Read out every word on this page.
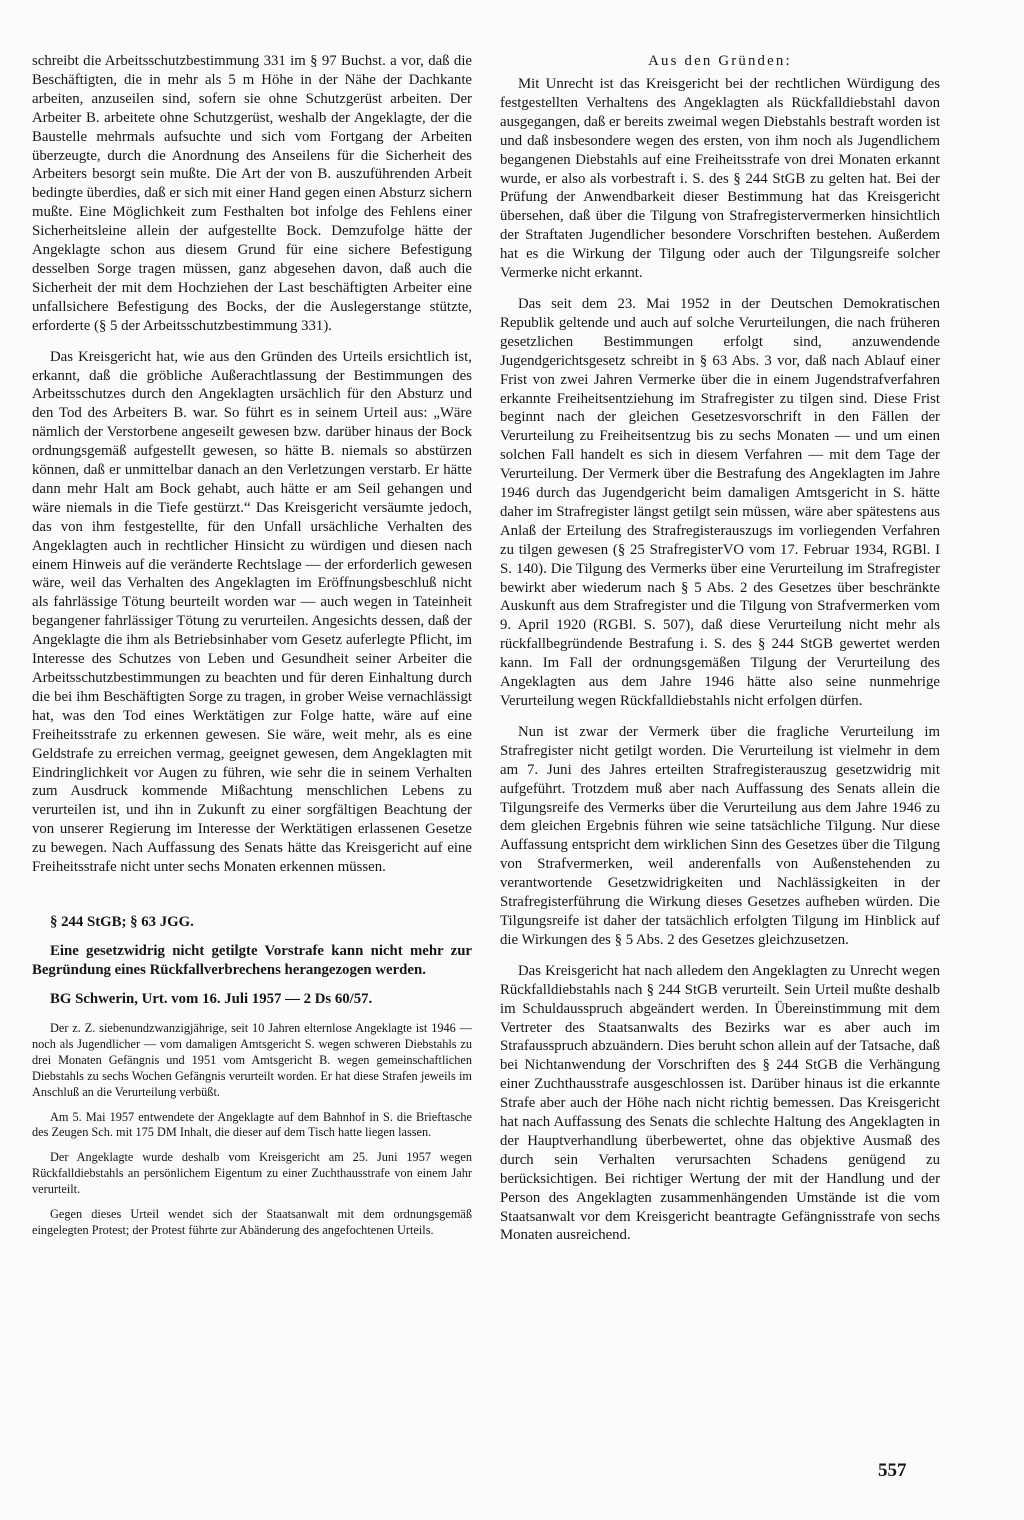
schreibt die Arbeitsschutzbestimmung 331 im § 97 Buchst. a vor, daß die Beschäftigten, die in mehr als 5 m Höhe in der Nähe der Dachkante arbeiten, anzuseilen sind, sofern sie ohne Schutzgerüst arbeiten. Der Arbeiter B. arbeitete ohne Schutzgerüst, weshalb der Angeklagte, der die Baustelle mehrmals aufsuchte und sich vom Fortgang der Arbeiten überzeugte, durch die Anordnung des Anseilens für die Sicherheit des Arbeiters besorgt sein mußte. Die Art der von B. auszuführenden Arbeit bedingte überdies, daß er sich mit einer Hand gegen einen Absturz sichern mußte. Eine Möglichkeit zum Festhalten bot infolge des Fehlens einer Sicherheitsleine allein der aufgestellte Bock. Demzufolge hätte der Angeklagte schon aus diesem Grund für eine sichere Befestigung desselben Sorge tragen müssen, ganz abgesehen davon, daß auch die Sicherheit der mit dem Hochziehen der Last beschäftigten Arbeiter eine unfallsichere Befestigung des Bocks, der die Auslegerstange stützte, erforderte (§ 5 der Arbeitsschutzbestimmung 331).

Das Kreisgericht hat, wie aus den Gründen des Urteils ersichtlich ist, erkannt, daß die gröbliche Außerachtlassung der Bestimmungen des Arbeitsschutzes durch den Angeklagten ursächlich für den Absturz und den Tod des Arbeiters B. war. So führt es in seinem Urteil aus: „Wäre nämlich der Verstorbene angeseilt gewesen bzw. darüber hinaus der Bock ordnungsgemäß aufgestellt gewesen, so hätte B. niemals so abstürzen können, daß er unmittelbar danach an den Verletzungen verstarb. Er hätte dann mehr Halt am Bock gehabt, auch hätte er am Seil gehangen und wäre niemals in die Tiefe gestürzt.“ Das Kreisgericht versäumte jedoch, das von ihm festgestellte, für den Unfall ursächliche Verhalten des Angeklagten auch in rechtlicher Hinsicht zu würdigen und diesen nach einem Hinweis auf die veränderte Rechtslage — der erforderlich gewesen wäre, weil das Verhalten des Angeklagten im Eröffnungsbeschluß nicht als fahrlässige Tötung beurteilt worden war — auch wegen in Tateinheit begangener fahrlässiger Tötung zu verurteilen. Angesichts dessen, daß der Angeklagte die ihm als Betriebsinhaber vom Gesetz auferlegte Pflicht, im Interesse des Schutzes von Leben und Gesundheit seiner Arbeiter die Arbeitsschutzbestimmungen zu beachten und für deren Einhaltung durch die bei ihm Beschäftigten Sorge zu tragen, in grober Weise vernachlässigt hat, was den Tod eines Werktätigen zur Folge hatte, wäre auf eine Freiheitsstrafe zu erkennen gewesen. Sie wäre, weit mehr, als es eine Geldstrafe zu erreichen vermag, geeignet gewesen, dem Angeklagten mit Eindringlichkeit vor Augen zu führen, wie sehr die in seinem Verhalten zum Ausdruck kommende Mißachtung menschlichen Lebens zu verurteilen ist, und ihn in Zukunft zu einer sorgfältigen Beachtung der von unserer Regierung im Interesse der Werktätigen erlassenen Gesetze zu bewegen. Nach Auffassung des Senats hätte das Kreisgericht auf eine Freiheitsstrafe nicht unter sechs Monaten erkennen müssen.

§ 244 StGB; § 63 JGG.

Eine gesetzwidrig nicht getilgte Vorstrafe kann nicht mehr zur Begründung eines Rückfallverbrechens herangezogen werden.

BG Schwerin, Urt. vom 16. Juli 1957 — 2 Ds 60/57.

Der z. Z. siebenundzwanzigjährige, seit 10 Jahren elternlose Angeklagte ist 1946 — noch als Jugendlicher — vom damaligen Amtsgericht S. wegen schweren Diebstahls zu drei Monaten Gefängnis und 1951 vom Amtsgericht B. wegen gemeinschaftlichen Diebstahls zu sechs Wochen Gefängnis verurteilt worden. Er hat diese Strafen jeweils im Anschluß an die Verurteilung verbüßt.

Am 5. Mai 1957 entwendete der Angeklagte auf dem Bahnhof in S. die Brieftasche des Zeugen Sch. mit 175 DM Inhalt, die dieser auf dem Tisch hatte liegen lassen.

Der Angeklagte wurde deshalb vom Kreisgericht am 25. Juni 1957 wegen Rückfalldiebstahls an persönlichem Eigentum zu einer Zuchthausstrafe von einem Jahr verurteilt.

Gegen dieses Urteil wendet sich der Staatsanwalt mit dem ordnungsgemäß eingelegten Protest; der Protest führte zur Abänderung des angefochtenen Urteils.

Aus den Gründen:

Mit Unrecht ist das Kreisgericht bei der rechtlichen Würdigung des festgestellten Verhaltens des Angeklagten als Rückfalldiebstahl davon ausgegangen, daß er bereits zweimal wegen Diebstahls bestraft worden ist und daß insbesondere wegen des ersten, von ihm noch als Jugendlichem begangenen Diebstahls auf eine Freiheitsstrafe von drei Monaten erkannt wurde, er also als vorbestraft i. S. des § 244 StGB zu gelten hat. Bei der Prüfung der Anwendbarkeit dieser Bestimmung hat das Kreisgericht übersehen, daß über die Tilgung von Strafregistervermerken hinsichtlich der Straftaten Jugendlicher besondere Vorschriften bestehen. Außerdem hat es die Wirkung der Tilgung oder auch der Tilgungsreife solcher Vermerke nicht erkannt.

Das seit dem 23. Mai 1952 in der Deutschen Demokratischen Republik geltende und auch auf solche Verurteilungen, die nach früheren gesetzlichen Bestimmungen erfolgt sind, anzuwendende Jugendgerichtsgesetz schreibt in § 63 Abs. 3 vor, daß nach Ablauf einer Frist von zwei Jahren Vermerke über die in einem Jugendstrafverfahren erkannte Freiheitsentziehung im Strafregister zu tilgen sind. Diese Frist beginnt nach der gleichen Gesetzesvorschrift in den Fällen der Verurteilung zu Freiheitsentzug bis zu sechs Monaten — und um einen solchen Fall handelt es sich in diesem Verfahren — mit dem Tage der Verurteilung. Der Vermerk über die Bestrafung des Angeklagten im Jahre 1946 durch das Jugendgericht beim damaligen Amtsgericht in S. hätte daher im Strafregister längst getilgt sein müssen, wäre aber spätestens aus Anlaß der Erteilung des Strafregisterauszugs im vorliegenden Verfahren zu tilgen gewesen (§ 25 StrafregisterVO vom 17. Februar 1934, RGBl. I S. 140). Die Tilgung des Vermerks über eine Verurteilung im Strafregister bewirkt aber wiederum nach § 5 Abs. 2 des Gesetzes über beschränkte Auskunft aus dem Strafregister und die Tilgung von Strafvermerken vom 9. April 1920 (RGBl. S. 507), daß diese Verurteilung nicht mehr als rückfallbegründende Bestrafung i. S. des § 244 StGB gewertet werden kann. Im Fall der ordnungsgemäßen Tilgung der Verurteilung des Angeklagten aus dem Jahre 1946 hätte also seine nunmehrige Verurteilung wegen Rückfalldiebstahls nicht erfolgen dürfen.

Nun ist zwar der Vermerk über die fragliche Verurteilung im Strafregister nicht getilgt worden. Die Verurteilung ist vielmehr in dem am 7. Juni des Jahres erteilten Strafregisterauszug gesetzwidrig mit aufgeführt. Trotzdem muß aber nach Auffassung des Senats allein die Tilgungsreife des Vermerks über die Verurteilung aus dem Jahre 1946 zu dem gleichen Ergebnis führen wie seine tatsächliche Tilgung. Nur diese Auffassung entspricht dem wirklichen Sinn des Gesetzes über die Tilgung von Strafvermerken, weil anderenfalls von Außenstehenden zu verantwortende Gesetzwidrigkeiten und Nachlässigkeiten in der Strafregisterführung die Wirkung dieses Gesetzes aufheben würden. Die Tilgungsreife ist daher der tatsächlich erfolgten Tilgung im Hinblick auf die Wirkungen des § 5 Abs. 2 des Gesetzes gleichzusetzen.

Das Kreisgericht hat nach alledem den Angeklagten zu Unrecht wegen Rückfalldiebstahls nach § 244 StGB verurteilt. Sein Urteil mußte deshalb im Schuldausspruch abgeändert werden. In Übereinstimmung mit dem Vertreter des Staatsanwalts des Bezirks war es aber auch im Strafausspruch abzuändern. Dies beruht schon allein auf der Tatsache, daß bei Nichtanwendung der Vorschriften des § 244 StGB die Verhängung einer Zuchthausstrafe ausgeschlossen ist. Darüber hinaus ist die erkannte Strafe aber auch der Höhe nach nicht richtig bemessen. Das Kreisgericht hat nach Auffassung des Senats die schlechte Haltung des Angeklagten in der Hauptverhandlung überbewertet, ohne das objektive Ausmaß des durch sein Verhalten verursachten Schadens genügend zu berücksichtigen. Bei richtiger Wertung der mit der Handlung und der Person des Angeklagten zusammenhängenden Umstände ist die vom Staatsanwalt vor dem Kreisgericht beantragte Gefängnisstrafe von sechs Monaten ausreichend.

557
